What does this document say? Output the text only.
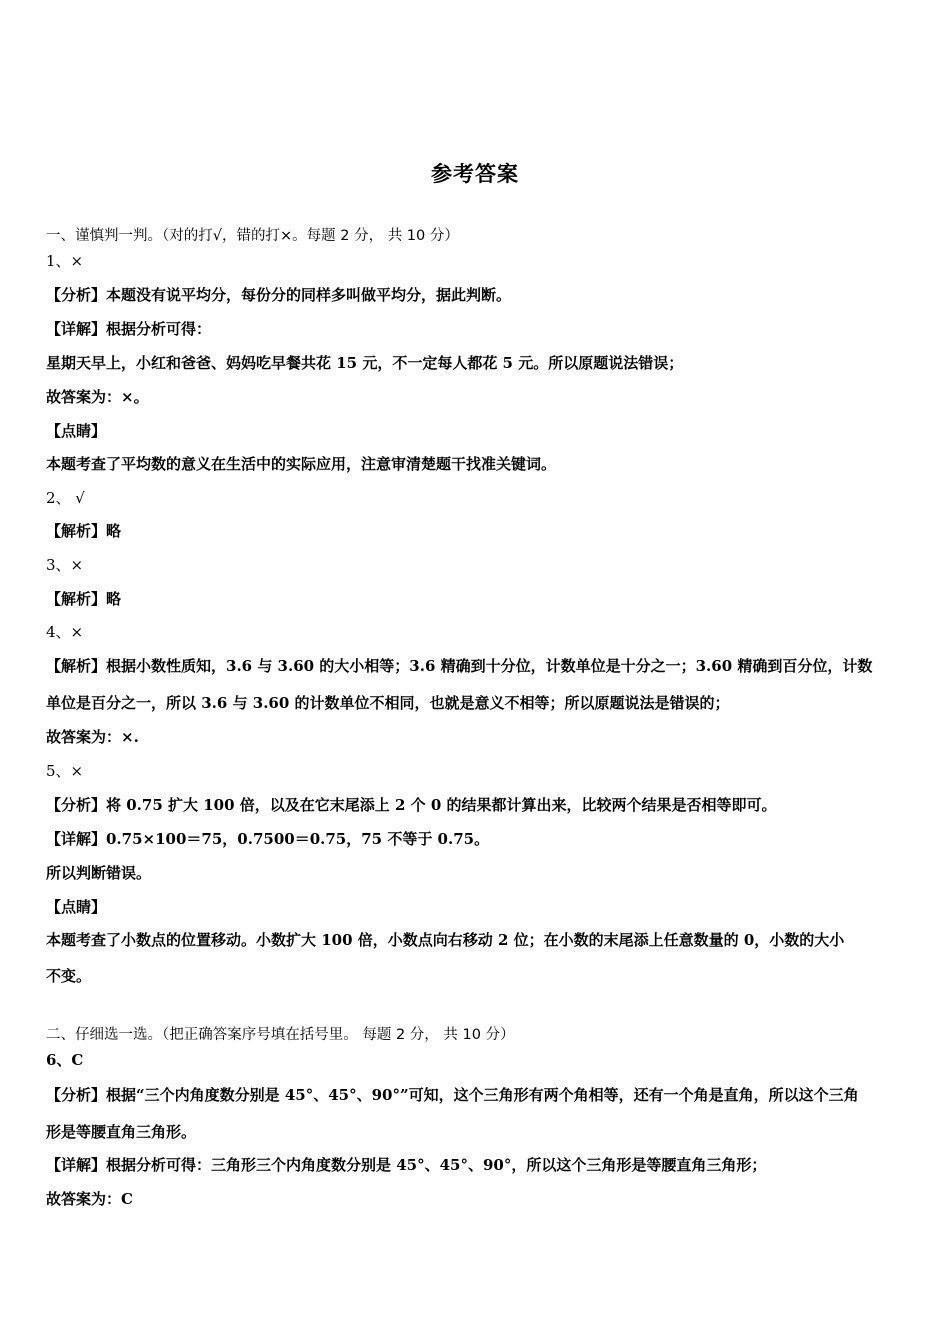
参考答案
一、谨慎判一判。（对的打√，错的打×。每题 2 分， 共 10 分）
1、×
【分析】本题没有说平均分，每份分的同样多叫做平均分，据此判断。
【详解】根据分析可得：
星期天早上，小红和爸爸、妈妈吃早餐共花 15 元，不一定每人都花 5 元。所以原题说法错误；
故答案为：×。
【点睛】
本题考查了平均数的意义在生活中的实际应用，注意审清楚题干找准关键词。
2、 √
【解析】略
3、×
【解析】略
4、×
【解析】根据小数性质知，3.6 与 3.60 的大小相等；3.6 精确到十分位，计数单位是十分之一；3.60 精确到百分位，计数
单位是百分之一，所以 3.6 与 3.60 的计数单位不相同，也就是意义不相等；所以原题说法是错误的；
故答案为：×.
5、×
【分析】将 0.75 扩大 100 倍，以及在它末尾添上 2 个 0 的结果都计算出来，比较两个结果是否相等即可。
【详解】0.75×100＝75，0.7500＝0.75，75 不等于 0.75。
所以判断错误。
【点睛】
本题考查了小数点的位置移动。小数扩大 100 倍，小数点向右移动 2 位；在小数的末尾添上任意数量的 0，小数的大小
不变。
二、仔细选一选。（把正确答案序号填在括号里。 每题 2 分， 共 10 分）
6、C
【分析】根据“三个内角度数分别是 45°、45°、90°”可知，这个三角形有两个角相等，还有一个角是直角，所以这个三角
形是等腰直角三角形。
【详解】根据分析可得：三角形三个内角度数分别是 45°、45°、90°，所以这个三角形是等腰直角三角形；
故答案为：C
